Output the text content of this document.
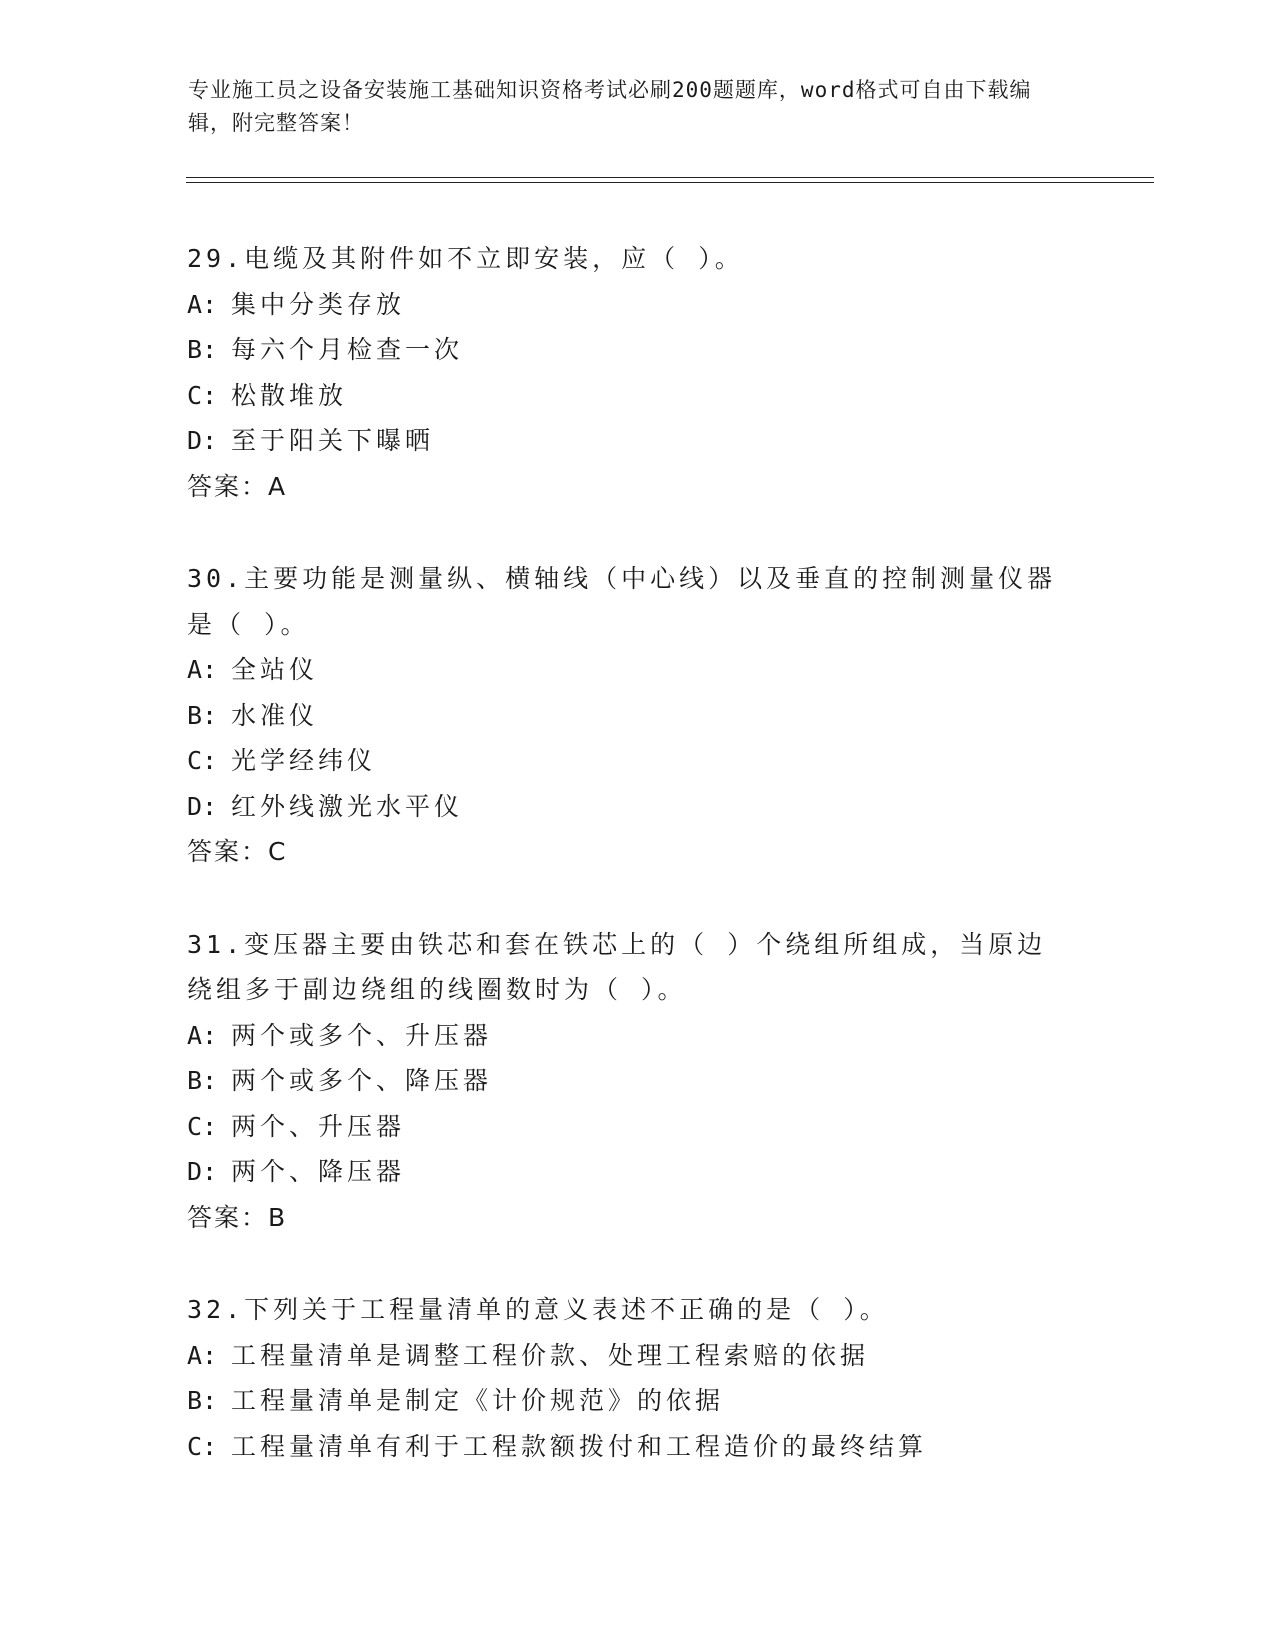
专业施工员之设备安装施工基础知识资格考试必刷200题题库，word格式可自由下载编辑，附完整答案！
29.电缆及其附件如不立即安装，应（ ）。
A: 集中分类存放
B: 每六个月检查一次
C: 松散堆放
D: 至于阳关下曝晒
答案：A
30.主要功能是测量纵、横轴线（中心线）以及垂直的控制测量仪器是（ ）。
A: 全站仪
B: 水准仪
C: 光学经纬仪
D: 红外线激光水平仪
答案：C
31.变压器主要由铁芯和套在铁芯上的（ ）个绕组所组成，当原边绕组多于副边绕组的线圈数时为（ ）。
A: 两个或多个、升压器
B: 两个或多个、降压器
C: 两个、升压器
D: 两个、降压器
答案：B
32.下列关于工程量清单的意义表述不正确的是（ ）。
A: 工程量清单是调整工程价款、处理工程索赔的依据
B: 工程量清单是制定《计价规范》的依据
C: 工程量清单有利于工程款额拨付和工程造价的最终结算
